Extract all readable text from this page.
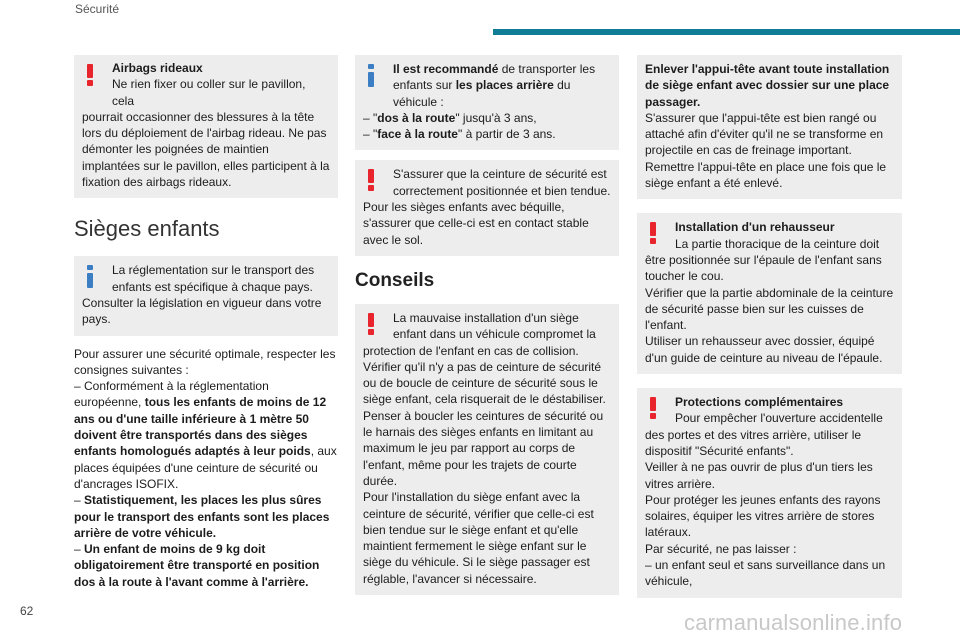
Sécurité
Airbags rideaux
Ne rien fixer ou coller sur le pavillon, cela
pourrait occasionner des blessures à la tête lors du déploiement de l'airbag rideau. Ne pas démonter les poignées de maintien implantées sur le pavillon, elles participent à la fixation des airbags rideaux.
Sièges enfants
La réglementation sur le transport des enfants est spécifique à chaque pays.
Consulter la législation en vigueur dans votre pays.
Pour assurer une sécurité optimale, respecter les consignes suivantes :
– Conformément à la réglementation européenne, tous les enfants de moins de 12 ans ou d'une taille inférieure à 1 mètre 50 doivent être transportés dans des sièges enfants homologués adaptés à leur poids, aux places équipées d'une ceinture de sécurité ou d'ancrages ISOFIX.
– Statistiquement, les places les plus sûres pour le transport des enfants sont les places arrière de votre véhicule.
– Un enfant de moins de 9 kg doit obligatoirement être transporté en position dos à la route à l'avant comme à l'arrière.
Il est recommandé de transporter les enfants sur les places arrière du véhicule :
– "dos à la route" jusqu'à 3 ans,
– "face à la route" à partir de 3 ans.
S'assurer que la ceinture de sécurité est correctement positionnée et bien tendue.
Pour les sièges enfants avec béquille, s'assurer que celle-ci est en contact stable avec le sol.
Conseils
La mauvaise installation d'un siège enfant dans un véhicule compromet la
protection de l'enfant en cas de collision. Vérifier qu'il n'y a pas de ceinture de sécurité ou de boucle de ceinture de sécurité sous le siège enfant, cela risquerait de le déstabiliser. Penser à boucler les ceintures de sécurité ou le harnais des sièges enfants en limitant au maximum le jeu par rapport au corps de l'enfant, même pour les trajets de courte durée.
Pour l'installation du siège enfant avec la ceinture de sécurité, vérifier que celle-ci est bien tendue sur le siège enfant et qu'elle maintient fermement le siège enfant sur le siège du véhicule. Si le siège passager est réglable, l'avancer si nécessaire.
Enlever l'appui-tête avant toute installation de siège enfant avec dossier sur une place passager.
S'assurer que l'appui-tête est bien rangé ou attaché afin d'éviter qu'il ne se transforme en projectile en cas de freinage important. Remettre l'appui-tête en place une fois que le siège enfant a été enlevé.
Installation d'un rehausseur
La partie thoracique de la ceinture doit
être positionnée sur l'épaule de l'enfant sans toucher le cou.
Vérifier que la partie abdominale de la ceinture de sécurité passe bien sur les cuisses de l'enfant.
Utiliser un rehausseur avec dossier, équipé d'un guide de ceinture au niveau de l'épaule.
Protections complémentaires
Pour empêcher l'ouverture accidentelle
des portes et des vitres arrière, utiliser le dispositif "Sécurité enfants".
Veiller à ne pas ouvrir de plus d'un tiers les vitres arrière.
Pour protéger les jeunes enfants des rayons solaires, équiper les vitres arrière de stores latéraux.
Par sécurité, ne pas laisser :
– un enfant seul et sans surveillance dans un véhicule,
62	carmanualsonline.info
